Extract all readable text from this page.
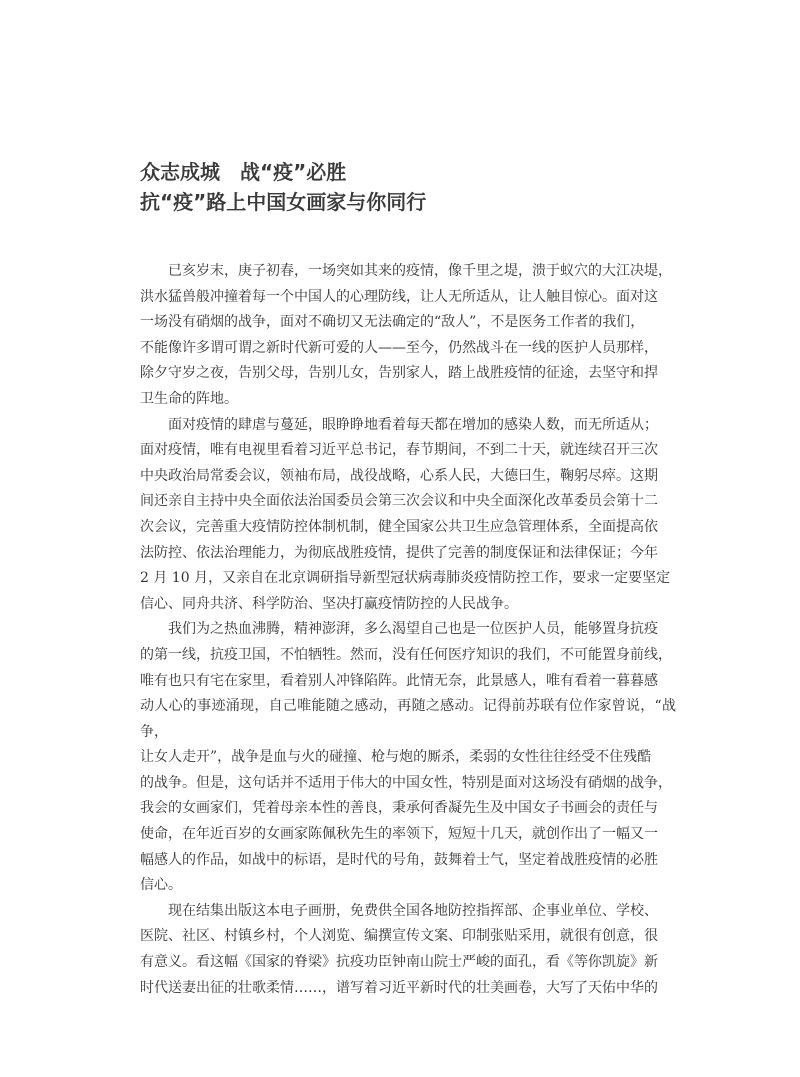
众志成城　战“疫”必胜
抗“疫”路上中国女画家与你同行

已亥岁末，庚子初春，一场突如其来的疫情，像千里之堤，溃于蚁穴的大江决堤，
洪水猛兽般冲撞着每一个中国人的心理防线，让人无所适从，让人触目惊心。面对这
一场没有硝烟的战争，面对不确切又无法确定的“敌人”，不是医务工作者的我们，
不能像许多谓可谓之新时代新可爱的人——至今，仍然战斗在一线的医护人员那样，
除夕守岁之夜，告别父母，告别儿女，告别家人，踏上战胜疫情的征途，去坚守和捍
卫生命的阵地。

面对疫情的肆虐与蔓延，眼睁睁地看着每天都在增加的感染人数，而无所适从；
面对疫情，唯有电视里看着习近平总书记，春节期间，不到二十天，就连续召开三次
中央政治局常委会议，领袖布局，战役战略，心系人民，大德曰生，鞠躬尽瘁。这期
间还亲自主持中央全面依法治国委员会第三次会议和中央全面深化改革委员会第十二
次会议，完善重大疫情防控体制机制，健全国家公共卫生应急管理体系，全面提高依
法防控、依法治理能力，为彻底战胜疫情，提供了完善的制度保证和法律保证；今年
2 月 10 月，又亲自在北京调研指导新型冠状病毒肺炎疫情防控工作，要求一定要坚定
信心、同舟共济、科学防治、坚决打赢疫情防控的人民战争。

我们为之热血沸腾，精神澎湃，多么渴望自己也是一位医护人员，能够置身抗疫
的第一线，抗疫卫国，不怕牺牲。然而，没有任何医疗知识的我们，不可能置身前线，
唯有也只有宅在家里，看着别人冲锋陷阵。此情无奈，此景感人，唯有看着一暮暮感
动人心的事迹涌现，自己唯能随之感动，再随之感动。记得前苏联有位作家曾说，“战争，
让女人走开”，战争是血与火的碰撞、枪与炮的厮杀，柔弱的女性往往经受不住残酷
的战争。但是，这句话并不适用于伟大的中国女性，特别是面对这场没有硝烟的战争，
我会的女画家们，凭着母亲本性的善良，秉承何香凝先生及中国女子书画会的责任与
使命，在年近百岁的女画家陈佩秋先生的率领下，短短十几天，就创作出了一幅又一
幅感人的作品，如战中的标语，是时代的号角，鼓舞着士气，坚定着战胜疫情的必胜
信心。

现在结集出版这本电子画册，免费供全国各地防控指挥部、企事业单位、学校、
医院、社区、村镇乡村，个人浏览、编撰宣传文案、印制张贴采用，就很有创意，很
有意义。看这幅《国家的脊梁》抗疫功臣钟南山院士严峻的面孔，看《等你凯旋》新
时代送妻出征的壮歌柔情……，谱写着习近平新时代的壮美画卷，大写了天佑中华的
